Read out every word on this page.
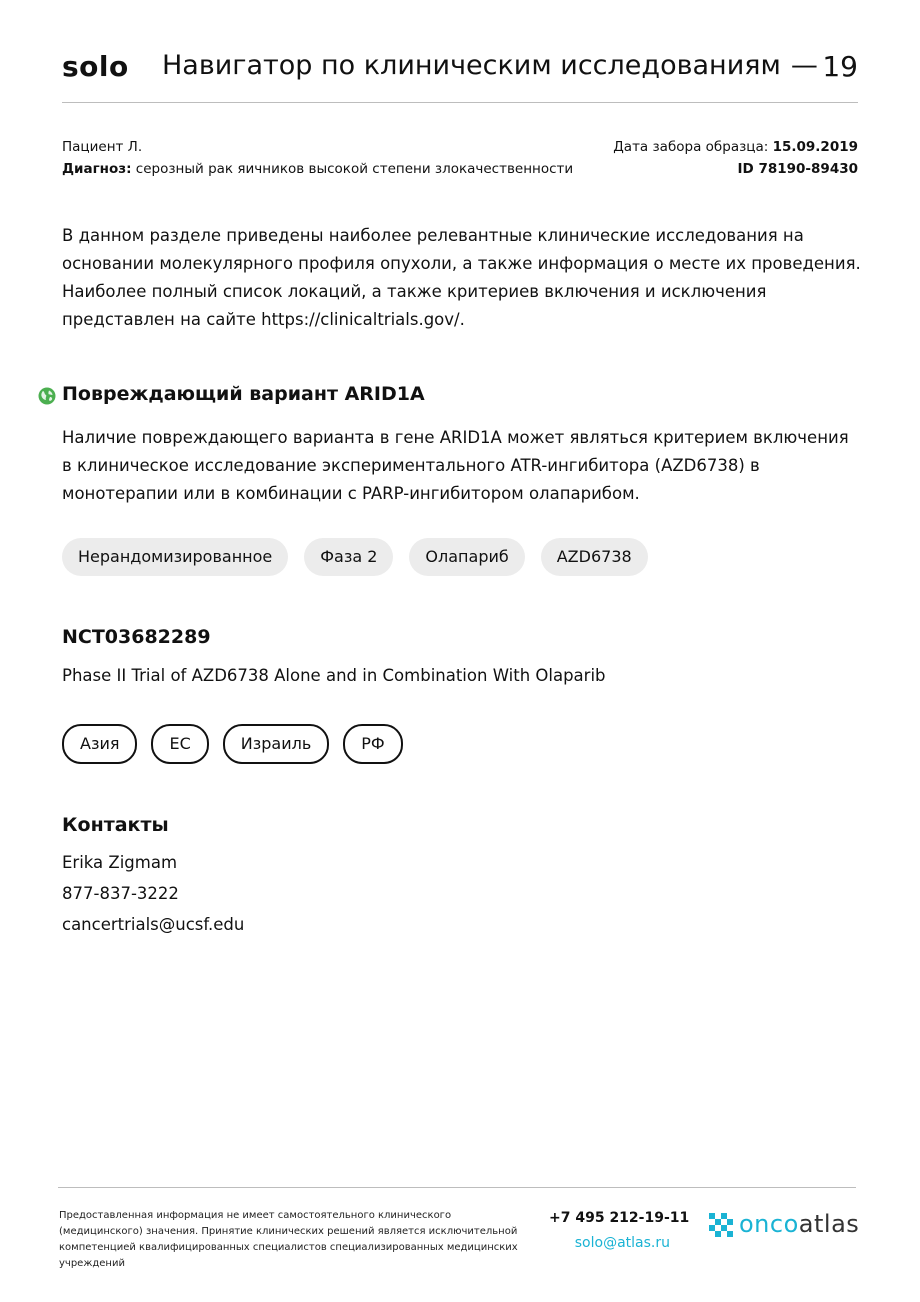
solo Навигатор по клиническим исследованиям — 19
Пациент Л.
Диагноз: серозный рак яичников высокой степени злокачественности
Дата забора образца: 15.09.2019
ID 78190-89430
В данном разделе приведены наиболее релевантные клинические исследования на основании молекулярного профиля опухоли, а также информация о месте их проведения. Наиболее полный список локаций, а также критериев включения и исключения представлен на сайте https://clinicaltrials.gov/.
Повреждающий вариант ARID1A
Наличие повреждающего варианта в гене ARID1A может являться критерием включения в клиническое исследование экспериментального ATR-ингибитора (AZD6738) в монотерапии или в комбинации с PARP-ингибитором олапарибом.
Нерандомизированное	Фаза 2	Олапариб	AZD6738
NCT03682289
Phase II Trial of AZD6738 Alone and in Combination With Olaparib
Азия	ЕС	Израиль	РФ
Контакты
Erika Zigmam
877-837-3222
cancertrials@ucsf.edu
Предоставленная информация не имеет самостоятельного клинического (медицинского) значения. Принятие клинических решений является исключительной компетенцией квалифицированных специалистов специализированных медицинских учреждений
+7 495 212-19-11
solo@atlas.ru
oncoatlas
